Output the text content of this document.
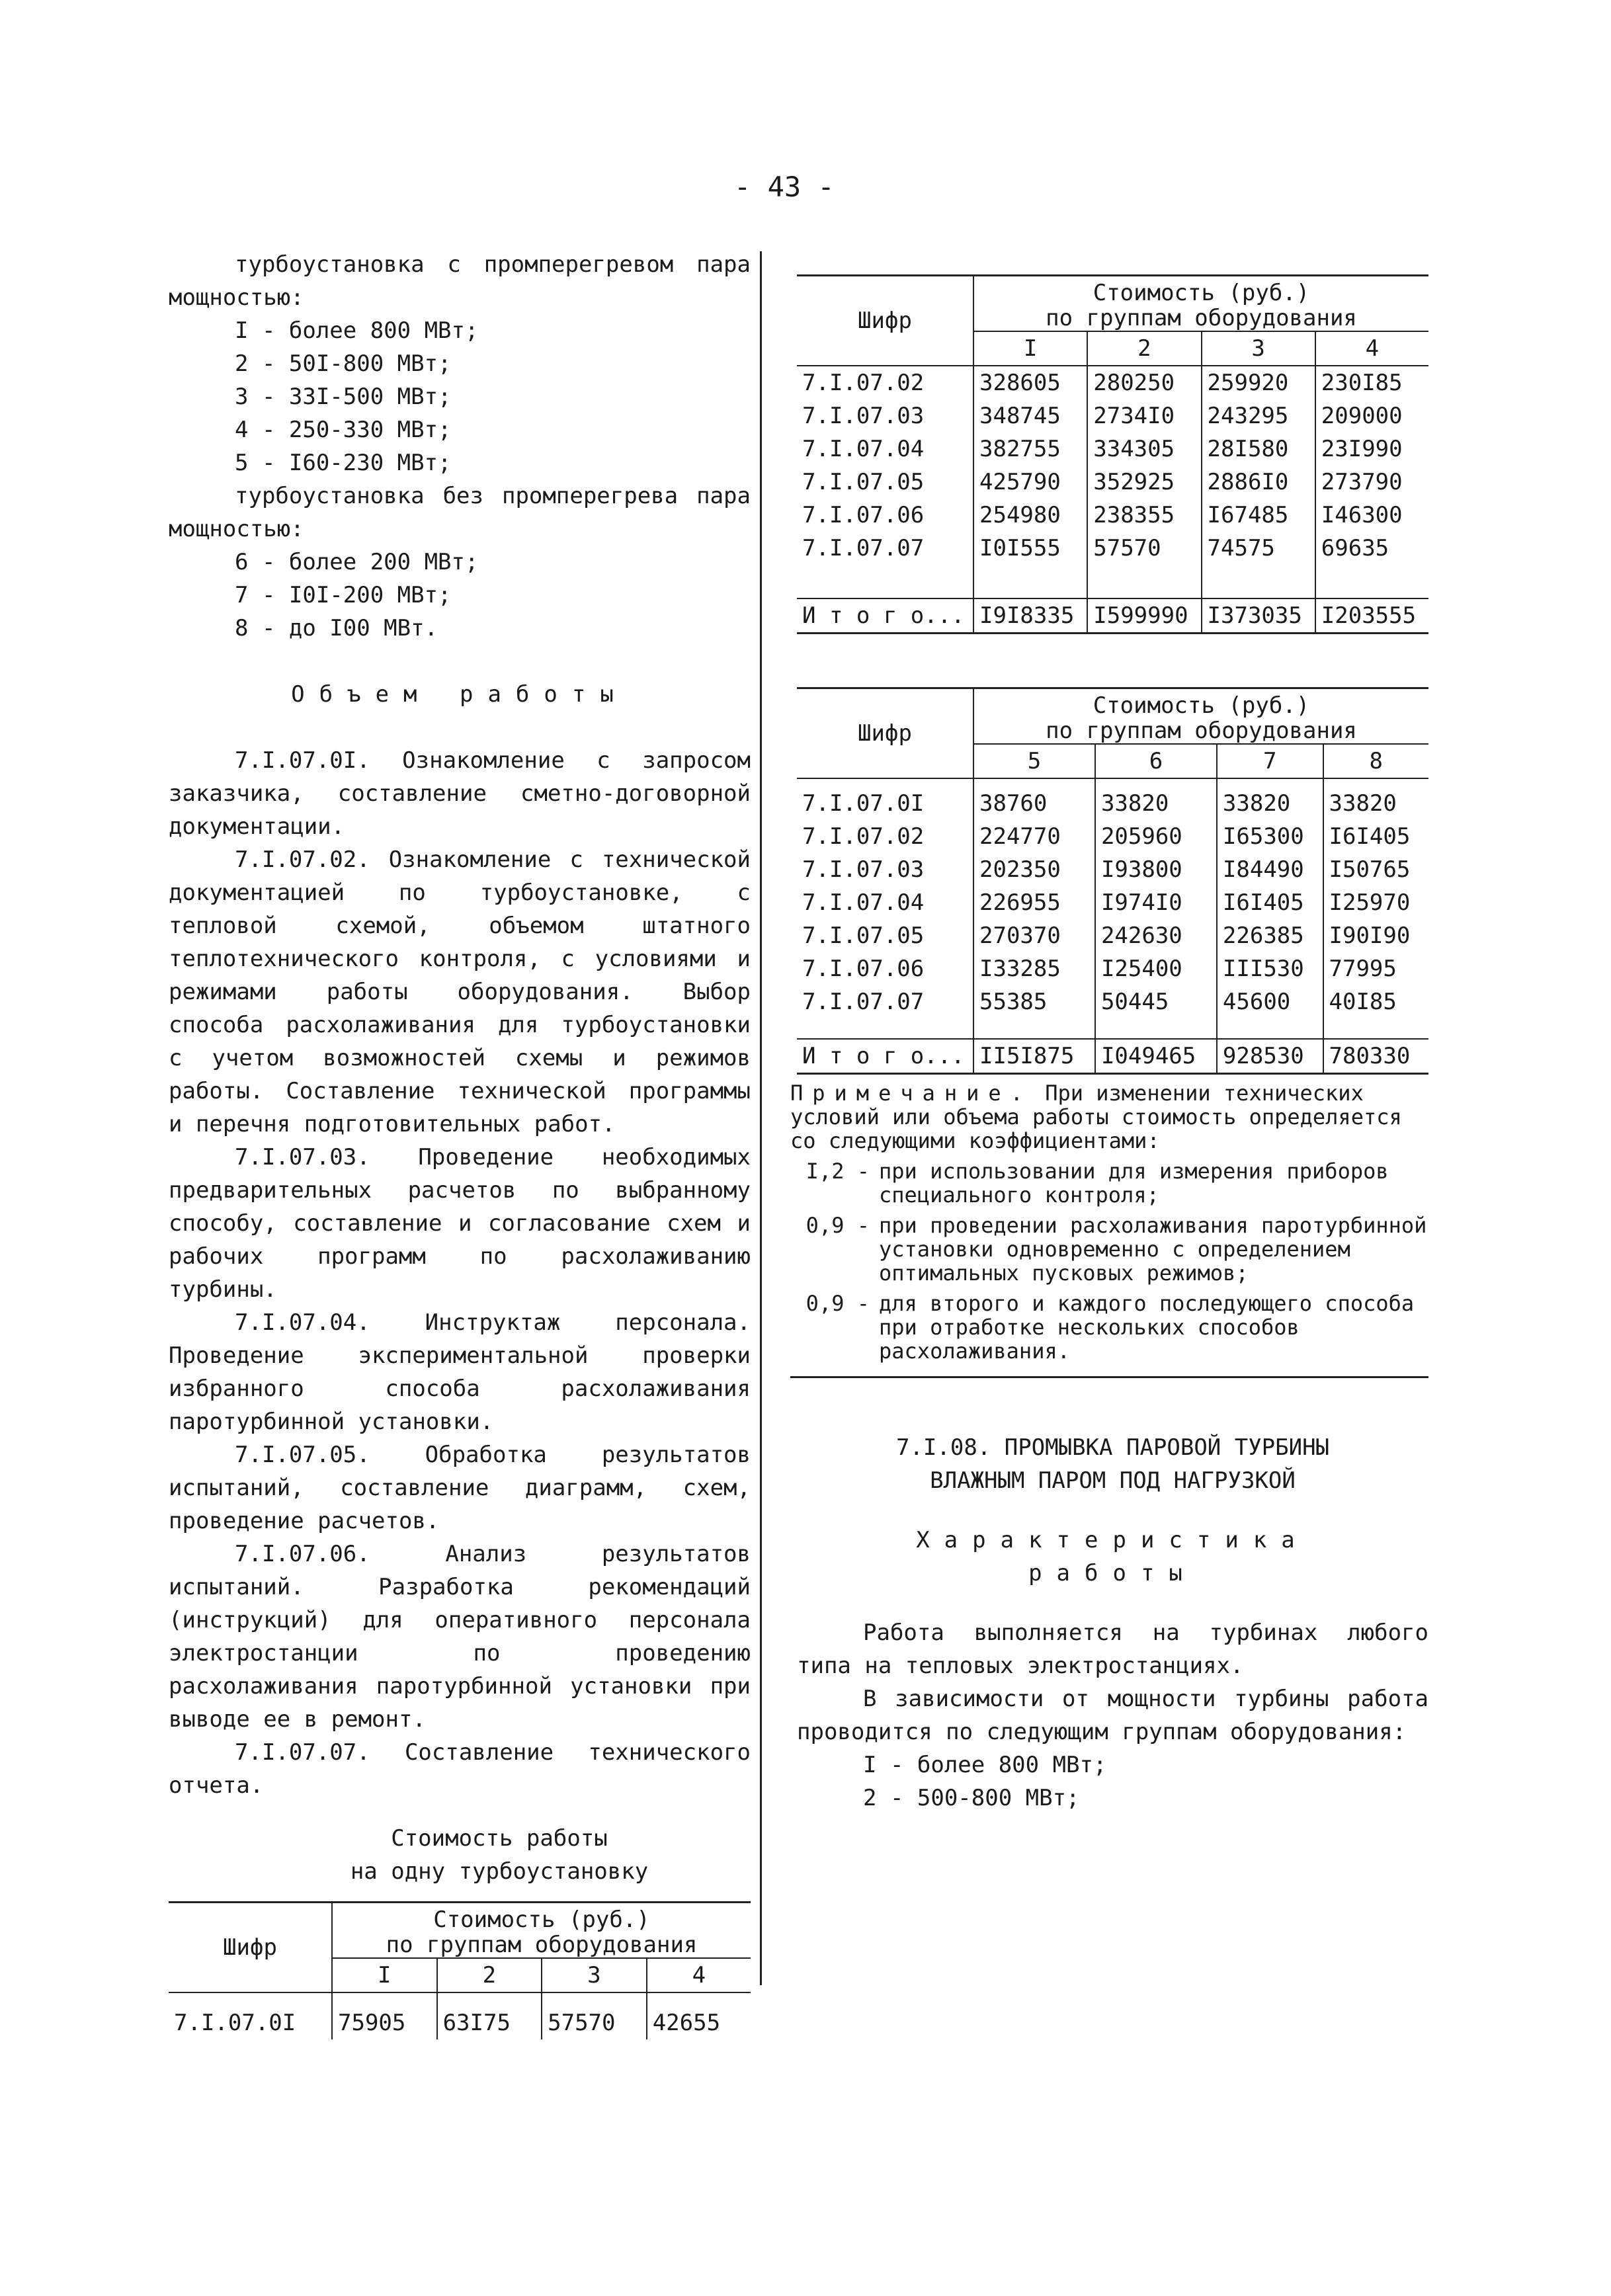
- 43 -

турбоустановка с промперегревом пара мощностью:

I - более 800 МВт;
2 - 50I-800 МВт;
3 - 33I-500 МВт;
4 - 250-330 МВт;
5 - I60-230 МВт;

турбоустановка без промперегрева пара мощностью:

6 - более 200 МВт;
7 - I0I-200 МВт;
8 - до I00 МВт.
Объем работы

7.I.07.0I. Ознакомление с запросом заказчика, составление сметно-договорной документации.

7.I.07.02. Ознакомление с технической документацией по турбоустановке, с тепловой схемой, объемом штатного теплотехнического контроля, с условиями и режимами работы оборудования. Выбор способа расхолаживания для турбоустановки с учетом возможностей схемы и режимов работы. Составление технической программы и перечня подготовительных работ.

7.I.07.03. Проведение необходимых предварительных расчетов по выбранному способу, составление и согласование схем и рабочих программ по расхолаживанию турбины.

7.I.07.04. Инструктаж персонала. Проведение экспериментальной проверки избранного способа расхолаживания паротурбинной установки.

7.I.07.05. Обработка результатов испытаний, составление диаграмм, схем, проведение расчетов.

7.I.07.06. Анализ результатов испытаний. Разработка рекомендаций (инструкций) для оперативного персонала электростанции по проведению расхолаживания паротурбинной установки при выводе ее в ремонт.

7.I.07.07. Составление технического отчета.

Стоимость работы
на одну турбоустановку
Шифр	Стоимость (руб.)
по группам оборудования			

	I	2	3	4
7.I.07.0I	75905	63I75	57570	42655
Шифр	Стоимость (руб.)
по группам оборудования			

	I	2	3	4
7.I.07.02	328605	280250	259920	230I85
7.I.07.03	348745	2734I0	243295	209000
7.I.07.04	382755	334305	28I580	23I990
7.I.07.05	425790	352925	2886I0	273790
7.I.07.06	254980	238355	I67485	I46300
7.I.07.07	I0I555	57570	74575	69635
И т о г о...	I9I8335	I599990	I373035	I203555
Шифр	Стоимость (руб.)
по группам оборудования			

	5	6	7	8
7.I.07.0I	38760	33820	33820	33820
7.I.07.02	224770	205960	I65300	I6I405
7.I.07.03	202350	I93800	I84490	I50765
7.I.07.04	226955	I974I0	I6I405	I25970
7.I.07.05	270370	242630	226385	I90I90
7.I.07.06	I33285	I25400	III530	77995
7.I.07.07	55385	50445	45600	40I85
И т о г о...	II5I875	I049465	928530	780330
Примечание. При изменении технических условий или объема работы стоимость определяется со следующими коэффициентами:
I,2 - при использовании для измерения приборов специального контроля;
0,9 - при проведении расхолаживания паротурбинной установки одновременно с определением оптимальных пусковых режимов;
0,9 - для второго и каждого последующего способа при отработке нескольких способов расхолаживания.
7.I.08. ПРОМЫВКА ПАРОВОЙ ТУРБИНЫ
ВЛАЖНЫМ ПАРОМ ПОД НАГРУЗКОЙ
Характеристика
работы

Работа выполняется на турбинах любого типа на тепловых электростанциях.

В зависимости от мощности турбины работа проводится по следующим группам оборудования:

I - более 800 МВт;
2 - 500-800 МВт;
